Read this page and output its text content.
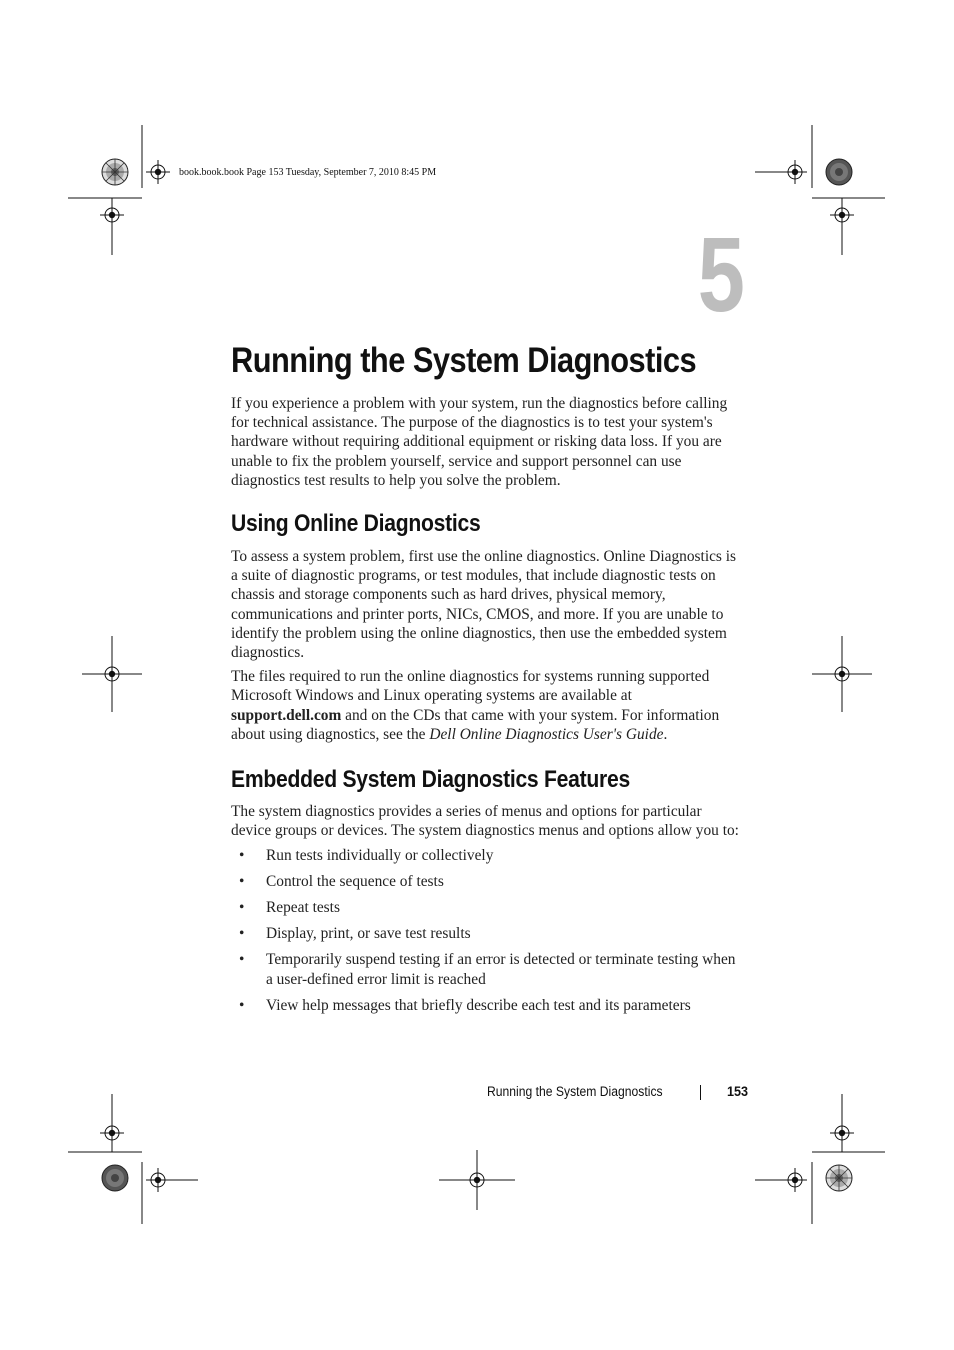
book.book.book Page 153 Tuesday, September 7, 2010 8:45 PM
5
Running the System Diagnostics

If you experience a problem with your system, run the diagnostics before calling for technical assistance. The purpose of the diagnostics is to test your system's hardware without requiring additional equipment or risking data loss. If you are unable to fix the problem yourself, service and support personnel can use diagnostics test results to help you solve the problem.

Using Online Diagnostics

To assess a system problem, first use the online diagnostics. Online Diagnostics is a suite of diagnostic programs, or test modules, that include diagnostic tests on chassis and storage components such as hard drives, physical memory, communications and printer ports, NICs, CMOS, and more. If you are unable to identify the problem using the online diagnostics, then use the embedded system diagnostics.

The files required to run the online diagnostics for systems running supported Microsoft Windows and Linux operating systems are available at support.dell.com and on the CDs that came with your system. For information about using diagnostics, see the Dell Online Diagnostics User's Guide.

Embedded System Diagnostics Features

The system diagnostics provides a series of menus and options for particular device groups or devices. The system diagnostics menus and options allow you to:

• Run tests individually or collectively
• Control the sequence of tests
• Repeat tests
• Display, print, or save test results
• Temporarily suspend testing if an error is detected or terminate testing when a user-defined error limit is reached
• View help messages that briefly describe each test and its parameters
Running the System Diagnostics	153
